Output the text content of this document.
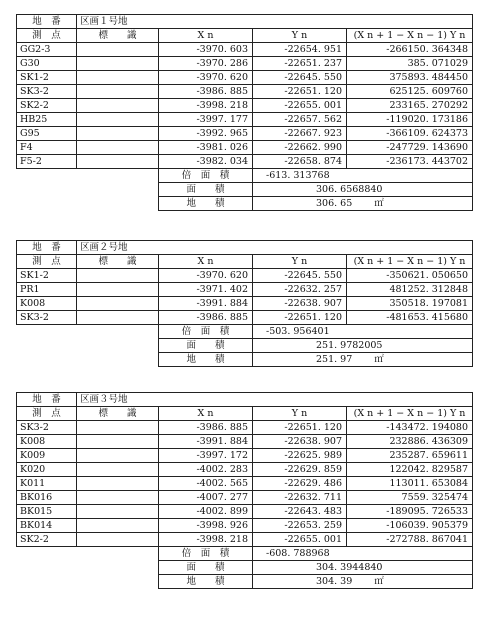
地　番	区画１号地			
測　点	標　　識	X n	Y n	(X n + 1 − X n − 1) Y n
GG2-3		-3970. 603	-22654. 951	-266150. 364348
G30		-3970. 286	-22651. 237	385. 071029
SK1-2		-3970. 620	-22645. 550	375893. 484450
SK3-2		-3986. 885	-22651. 120	625125. 609760
SK2-2		-3998. 218	-22655. 001	233165. 270292
HB25		-3997. 177	-22657. 562	-119020. 173186
G95		-3992. 965	-22667. 923	-366109. 624373
F4		-3981. 026	-22662. 990	-247729. 143690
F5-2		-3982. 034	-22658. 874	-236173. 443702
		倍　面　積	-613. 313768	
		面　　積	306. 6568840	
		地　　積	306. 65 ㎡	
地　番	区画２号地			
測　点	標　　識	X n	Y n	(X n + 1 − X n − 1) Y n
SK1-2		-3970. 620	-22645. 550	-350621. 050650
PR1		-3971. 402	-22632. 257	481252. 312848
K008		-3991. 884	-22638. 907	350518. 197081
SK3-2		-3986. 885	-22651. 120	-481653. 415680
		倍　面　積	-503. 956401	
		面　　積	251. 9782005	
		地　　積	251. 97 ㎡	
地　番	区画３号地			
測　点	標　　識	X n	Y n	(X n + 1 − X n − 1) Y n
SK3-2		-3986. 885	-22651. 120	-143472. 194080
K008		-3991. 884	-22638. 907	232886. 436309
K009		-3997. 172	-22625. 989	235287. 659611
K020		-4002. 283	-22629. 859	122042. 829587
K011		-4002. 565	-22629. 486	113011. 653084
BK016		-4007. 277	-22632. 711	7559. 325474
BK015		-4002. 899	-22643. 483	-189095. 726533
BK014		-3998. 926	-22653. 259	-106039. 905379
SK2-2		-3998. 218	-22655. 001	-272788. 867041
		倍　面　積	-608. 788968	
		面　　積	304. 3944840	
		地　　積	304. 39 ㎡	
